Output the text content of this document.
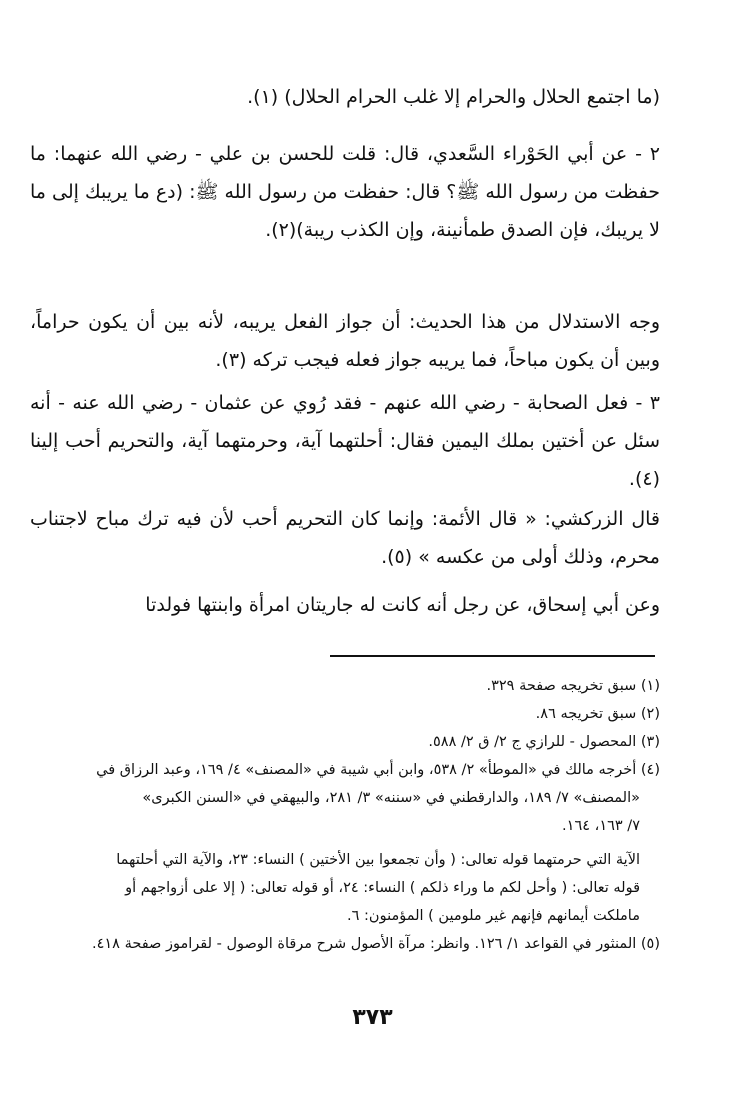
(ما اجتمع الحلال والحرام إلا غلب الحرام الحلال) (١).

٢ - عن أبي الحَوْراء السَّعدي، قال: قلت للحسن بن علي - رضي الله عنهما: ما حفظت من رسول الله ﷺ؟ قال: حفظت من رسول الله ﷺ: (دع ما يريبك إلى ما لا يريبك، فإن الصدق طمأنينة، وإن الكذب ريبة)(٢).

وجه الاستدلال من هذا الحديث: أن جواز الفعل يريبه، لأنه بين أن يكون حراماً، وبين أن يكون مباحاً، فما يريبه جواز فعله فيجب تركه (٣).

٣ - فعل الصحابة - رضي الله عنهم - فقد رُوي عن عثمان - رضي الله عنه - أنه سئل عن أختين بملك اليمين فقال: أحلتهما آية، وحرمتهما آية، والتحريم أحب إلينا (٤).

قال الزركشي: « قال الأئمة: وإنما كان التحريم أحب لأن فيه ترك مباح لاجتناب محرم، وذلك أولى من عكسه » (٥).

وعن أبي إسحاق، عن رجل أنه كانت له جاريتان امرأة وابنتها فولدتا

(١) سبق تخريجه صفحة ٣٢٩.

(٢) سبق تخريجه ٨٦.

(٣) المحصول - للرازي ج ٢/ ق ٢/ ٥٨٨.

(٤) أخرجه مالك في «الموطأ» ٢/ ٥٣٨، وابن أبي شيبة في «المصنف» ٤/ ١٦٩، وعبد الرزاق في

«المصنف» ٧/ ١٨٩، والدارقطني في «سننه» ٣/ ٢٨١، والبيهقي في «السنن الكبرى»

٧/ ١٦٣، ١٦٤.

الآية التي حرمتهما قوله تعالى: ( وأن تجمعوا بين الأختين ) النساء: ٢٣، والآية التي أحلتهما

قوله تعالى: ( وأحل لكم ما وراء ذلكم ) النساء: ٢٤، أو قوله تعالى: ( إلا على أزواجهم أو

ماملكت أيمانهم فإنهم غير ملومين ) المؤمنون: ٦.

(٥) المنثور في القواعد ١/ ١٢٦. وانظر: مرآة الأصول شرح مرقاة الوصول - لقراموز صفحة ٤١٨.

٣٧٣
